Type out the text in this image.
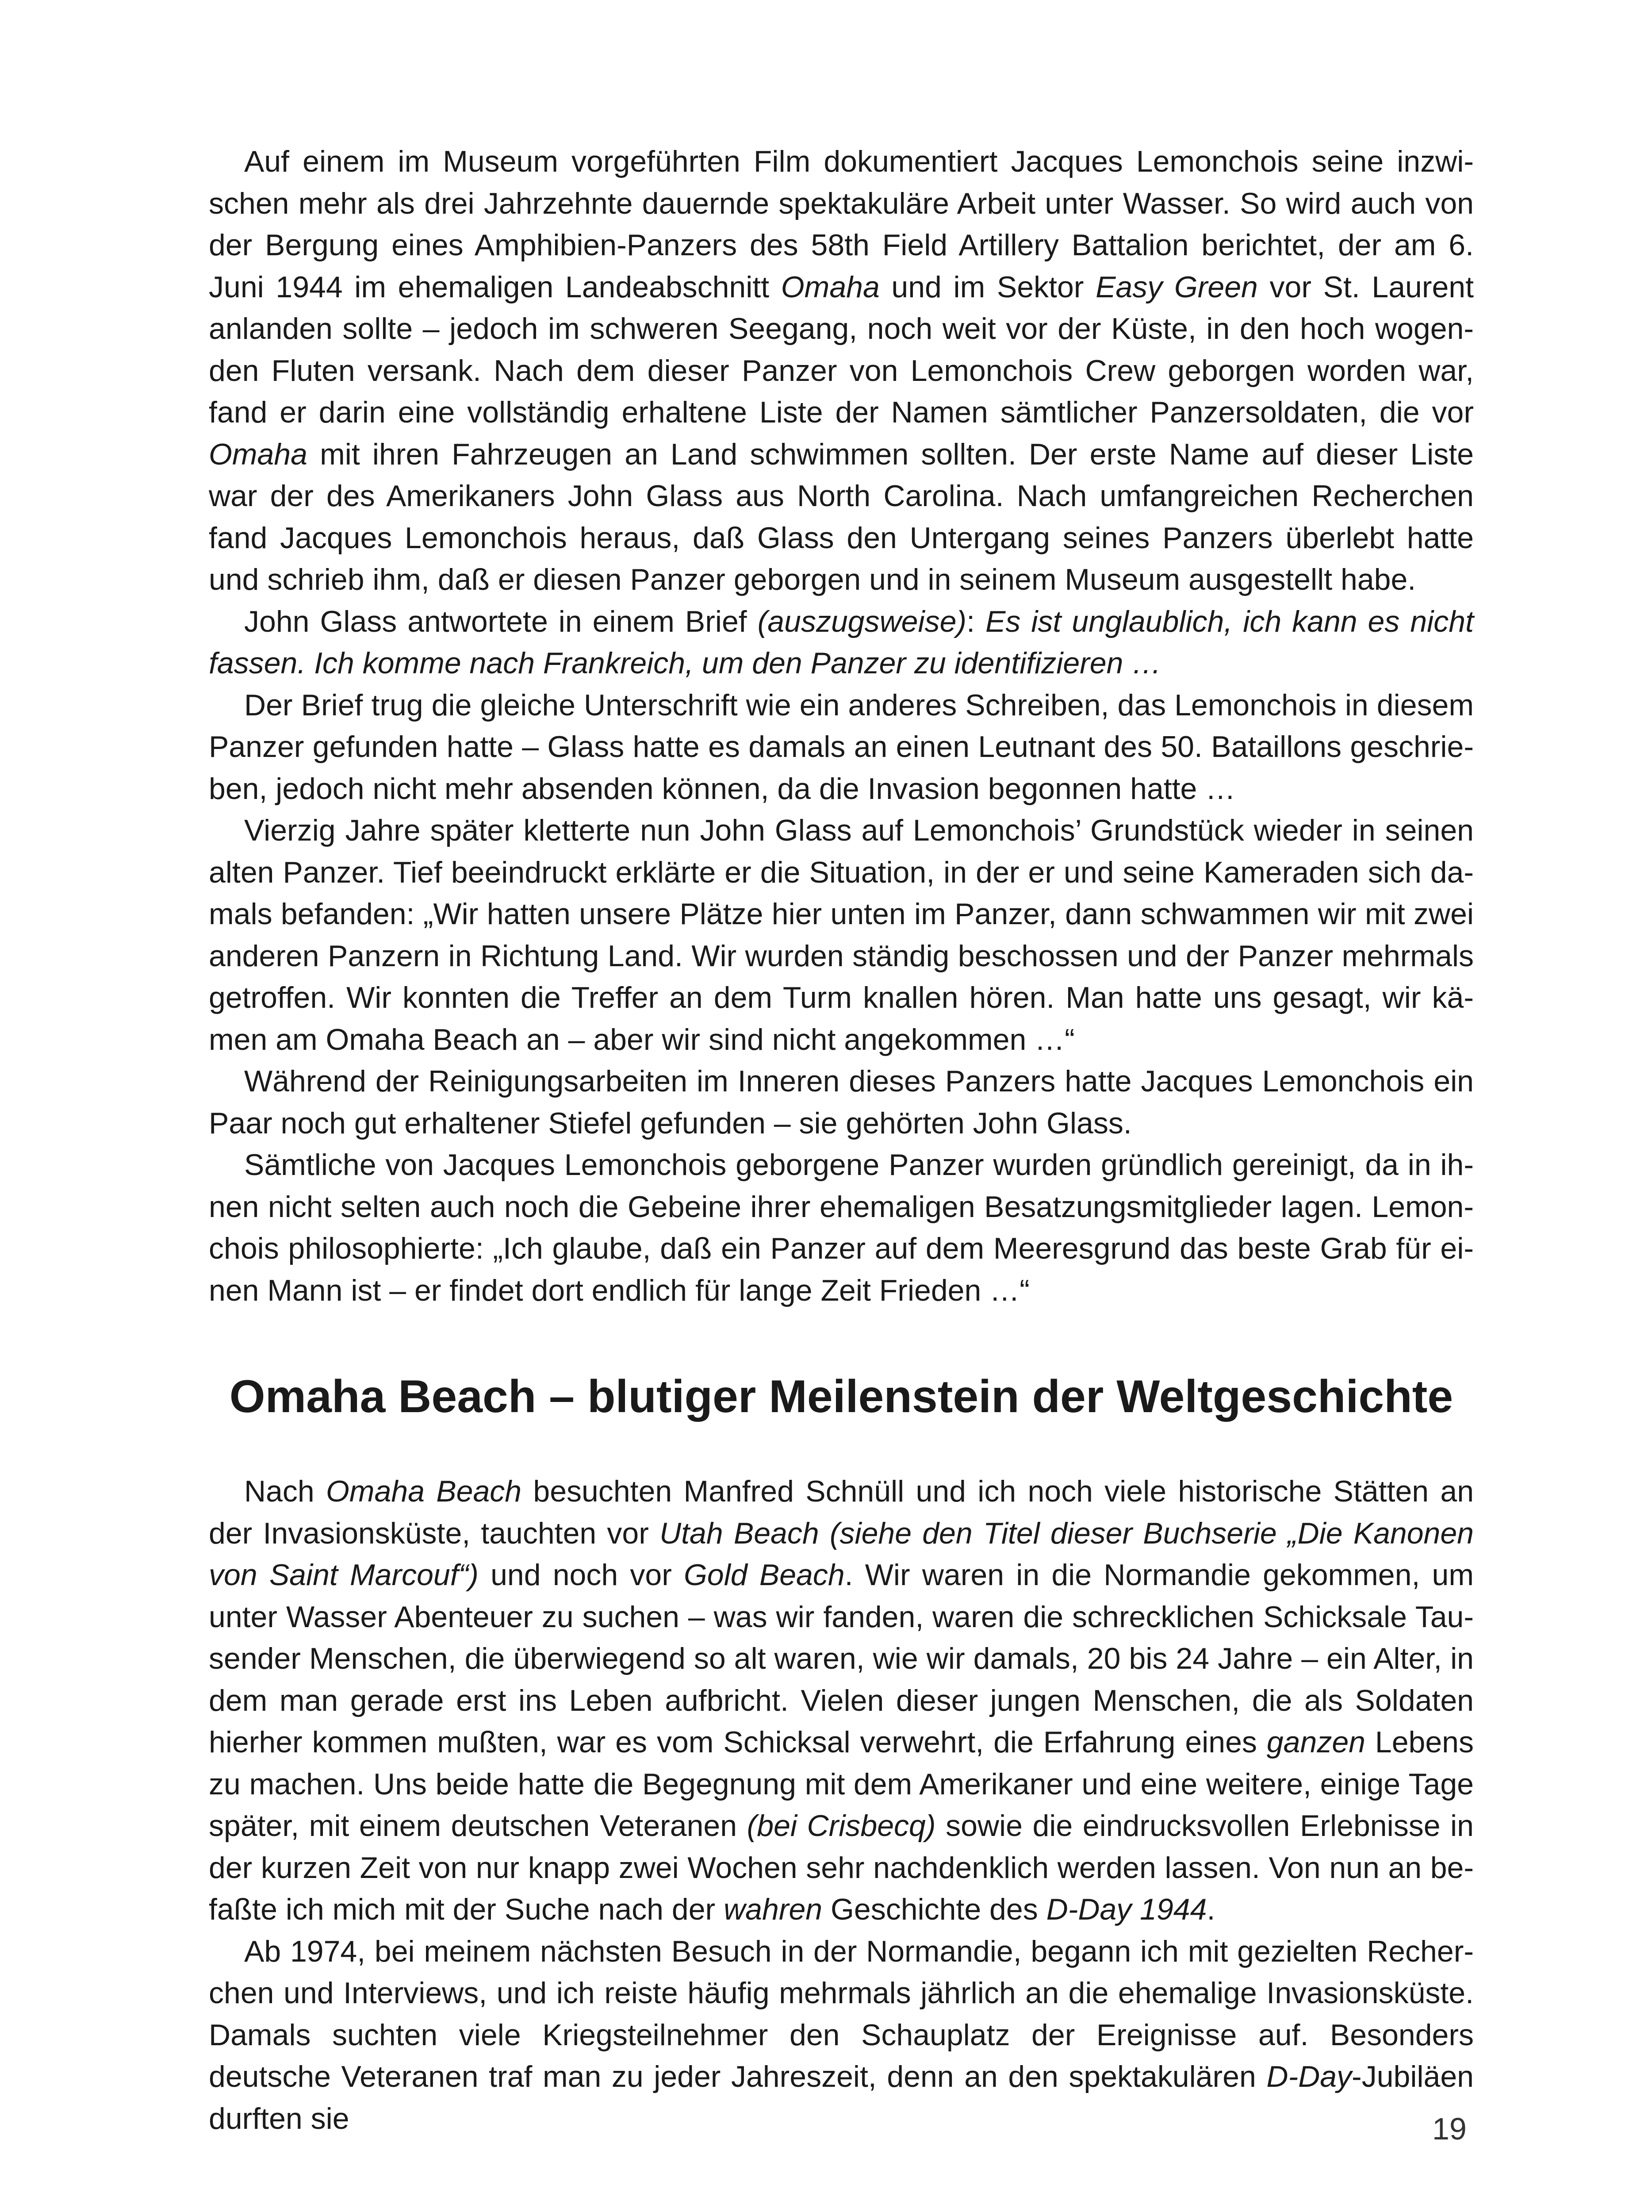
Auf einem im Museum vorgeführten Film dokumentiert Jacques Lemonchois seine inzwischen mehr als drei Jahrzehnte dauernde spektakuläre Arbeit unter Wasser. So wird auch von der Bergung eines Amphibien-Panzers des 58th Field Artillery Battalion berichtet, der am 6. Juni 1944 im ehemaligen Landeabschnitt Omaha und im Sektor Easy Green vor St. Laurent anlanden sollte – jedoch im schweren Seegang, noch weit vor der Küste, in den hoch wogenden Fluten versank. Nach dem dieser Panzer von Lemonchois Crew geborgen worden war, fand er darin eine vollständig erhaltene Liste der Namen sämtlicher Panzersoldaten, die vor Omaha mit ihren Fahrzeugen an Land schwimmen sollten. Der erste Name auf dieser Liste war der des Amerikaners John Glass aus North Carolina. Nach umfangreichen Recherchen fand Jacques Lemonchois heraus, daß Glass den Untergang seines Panzers überlebt hatte und schrieb ihm, daß er diesen Panzer geborgen und in seinem Museum ausgestellt habe.

John Glass antwortete in einem Brief (auszugsweise): Es ist unglaublich, ich kann es nicht fassen. Ich komme nach Frankreich, um den Panzer zu identifizieren …

Der Brief trug die gleiche Unterschrift wie ein anderes Schreiben, das Lemonchois in diesem Panzer gefunden hatte – Glass hatte es damals an einen Leutnant des 50. Bataillons geschrieben, jedoch nicht mehr absenden können, da die Invasion begonnen hatte …

Vierzig Jahre später kletterte nun John Glass auf Lemonchois’ Grundstück wieder in seinen alten Panzer. Tief beeindruckt erklärte er die Situation, in der er und seine Kameraden sich damals befanden: „Wir hatten unsere Plätze hier unten im Panzer, dann schwammen wir mit zwei anderen Panzern in Richtung Land. Wir wurden ständig beschossen und der Panzer mehrmals getroffen. Wir konnten die Treffer an dem Turm knallen hören. Man hatte uns gesagt, wir kämen am Omaha Beach an – aber wir sind nicht angekommen …“

Während der Reinigungsarbeiten im Inneren dieses Panzers hatte Jacques Lemonchois ein Paar noch gut erhaltener Stiefel gefunden – sie gehörten John Glass.

Sämtliche von Jacques Lemonchois geborgene Panzer wurden gründlich gereinigt, da in ihnen nicht selten auch noch die Gebeine ihrer ehemaligen Besatzungsmitglieder lagen. Lemonchois philosophierte: „Ich glaube, daß ein Panzer auf dem Meeresgrund das beste Grab für einen Mann ist – er findet dort endlich für lange Zeit Frieden …“

Omaha Beach – blutiger Meilenstein der Weltgeschichte

Nach Omaha Beach besuchten Manfred Schnüll und ich noch viele historische Stätten an der Invasionsküste, tauchten vor Utah Beach (siehe den Titel dieser Buchserie „Die Kanonen von Saint Marcouf“) und noch vor Gold Beach. Wir waren in die Normandie gekommen, um unter Wasser Abenteuer zu suchen – was wir fanden, waren die schrecklichen Schicksale Tausender Menschen, die überwiegend so alt waren, wie wir damals, 20 bis 24 Jahre – ein Alter, in dem man gerade erst ins Leben aufbricht. Vielen dieser jungen Menschen, die als Soldaten hierher kommen mußten, war es vom Schicksal verwehrt, die Erfahrung eines ganzen Lebens zu machen. Uns beide hatte die Begegnung mit dem Amerikaner und eine weitere, einige Tage später, mit einem deutschen Veteranen (bei Crisbecq) sowie die eindrucksvollen Erlebnisse in der kurzen Zeit von nur knapp zwei Wochen sehr nachdenklich werden lassen. Von nun an befaßte ich mich mit der Suche nach der wahren Geschichte des D-Day 1944.

Ab 1974, bei meinem nächsten Besuch in der Normandie, begann ich mit gezielten Recherchen und Interviews, und ich reiste häufig mehrmals jährlich an die ehemalige Invasionsküste. Damals suchten viele Kriegsteilnehmer den Schauplatz der Ereignisse auf. Besonders deutsche Veteranen traf man zu jeder Jahreszeit, denn an den spektakulären D-Day-Jubiläen durften sie	19
